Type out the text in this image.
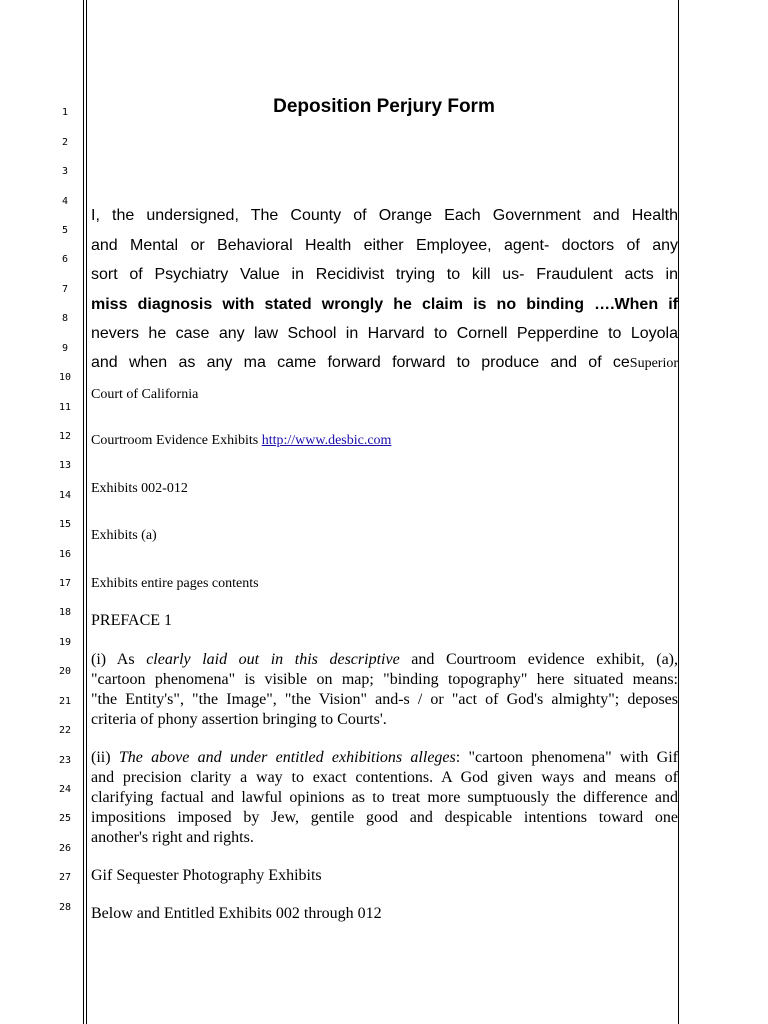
1
2
3
4
5
6
7
8
9
10
11
12
13
14
15
16
17
18
19
20
21
22
23
24
25
26
27
28
Deposition Perjury Form
I, the undersigned, The County of Orange Each Government and Health
and Mental or Behavioral Health either Employee, agent- doctors of any
sort of Psychiatry Value in Recidivist trying to kill us- Fraudulent acts in
miss diagnosis with stated wrongly he claim is no binding ….When if
nevers he case any law School in Harvard to Cornell Pepperdine to Loyola
and when as any ma came forward forward to produce and of ceSuperior
Court of California
Courtroom Evidence Exhibits http://www.desbic.com
Exhibits 002-012
Exhibits (a)
Exhibits entire pages contents
PREFACE 1
(i) As clearly laid out in this descriptive and Courtroom evidence exhibit, (a),
"cartoon phenomena" is visible on map; "binding topography" here situated means:
"the Entity's", "the Image", "the Vision" and-s / or "act of God's almighty"; deposes
criteria of phony assertion bringing to Courts'.
(ii) The above and under entitled exhibitions alleges: "cartoon phenomena" with Gif
and precision clarity a way to exact contentions. A God given ways and means of
clarifying factual and lawful opinions as to treat more sumptuously the difference and
impositions imposed by Jew, gentile good and despicable intentions toward one
another's right and rights.
Gif Sequester Photography Exhibits
Below and Entitled Exhibits 002 through 012
